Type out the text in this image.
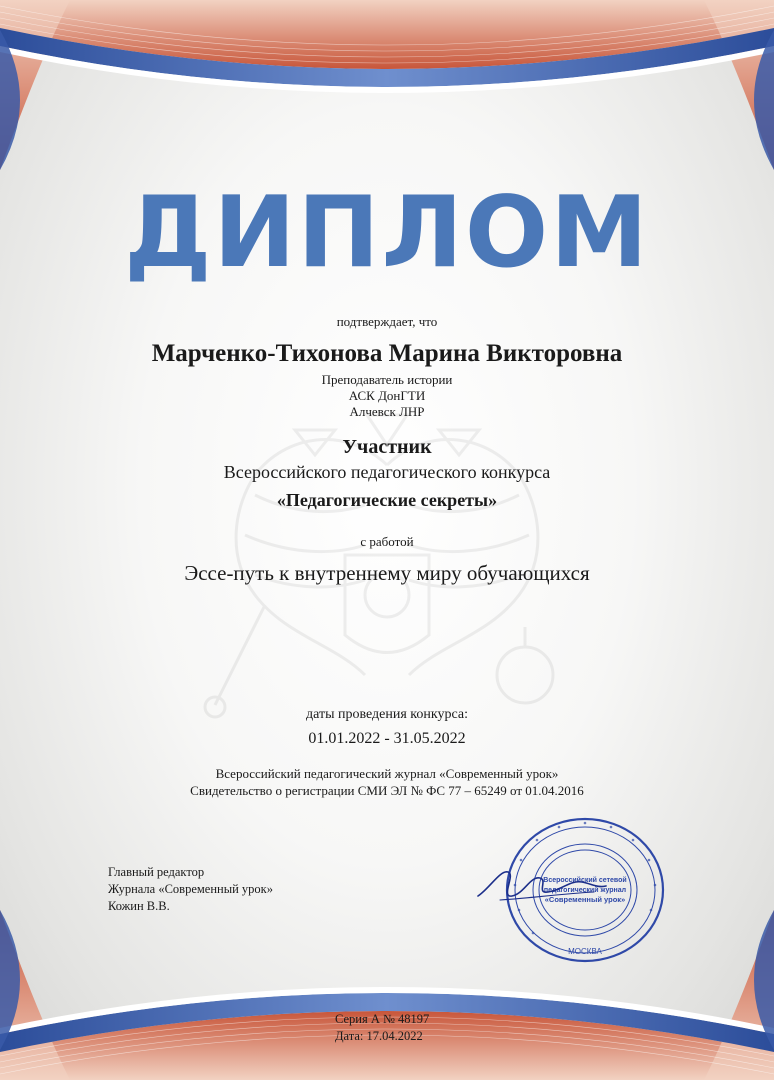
ДИПЛОМ
подтверждает, что
Марченко-Тихонова Марина Викторовна
Преподаватель истории
АСК ДонГТИ
Алчевск ЛНР
Участник
Всероссийского педагогического конкурса
«Педагогические секреты»
с работой
Эссе-путь к внутреннему миру обучающихся
даты проведения конкурса:
01.01.2022 - 31.05.2022
Всероссийский педагогический журнал «Современный урок»
Свидетельство о регистрации СМИ ЭЛ № ФС 77 – 65249 от 01.04.2016
Главный редактор
Журнала «Современный урок»
Кожин В.В.
Всероссийский сетевой
педагогический журнал
«Современный урок»
МОСКВА
Серия А № 48197
Дата: 17.04.2022
